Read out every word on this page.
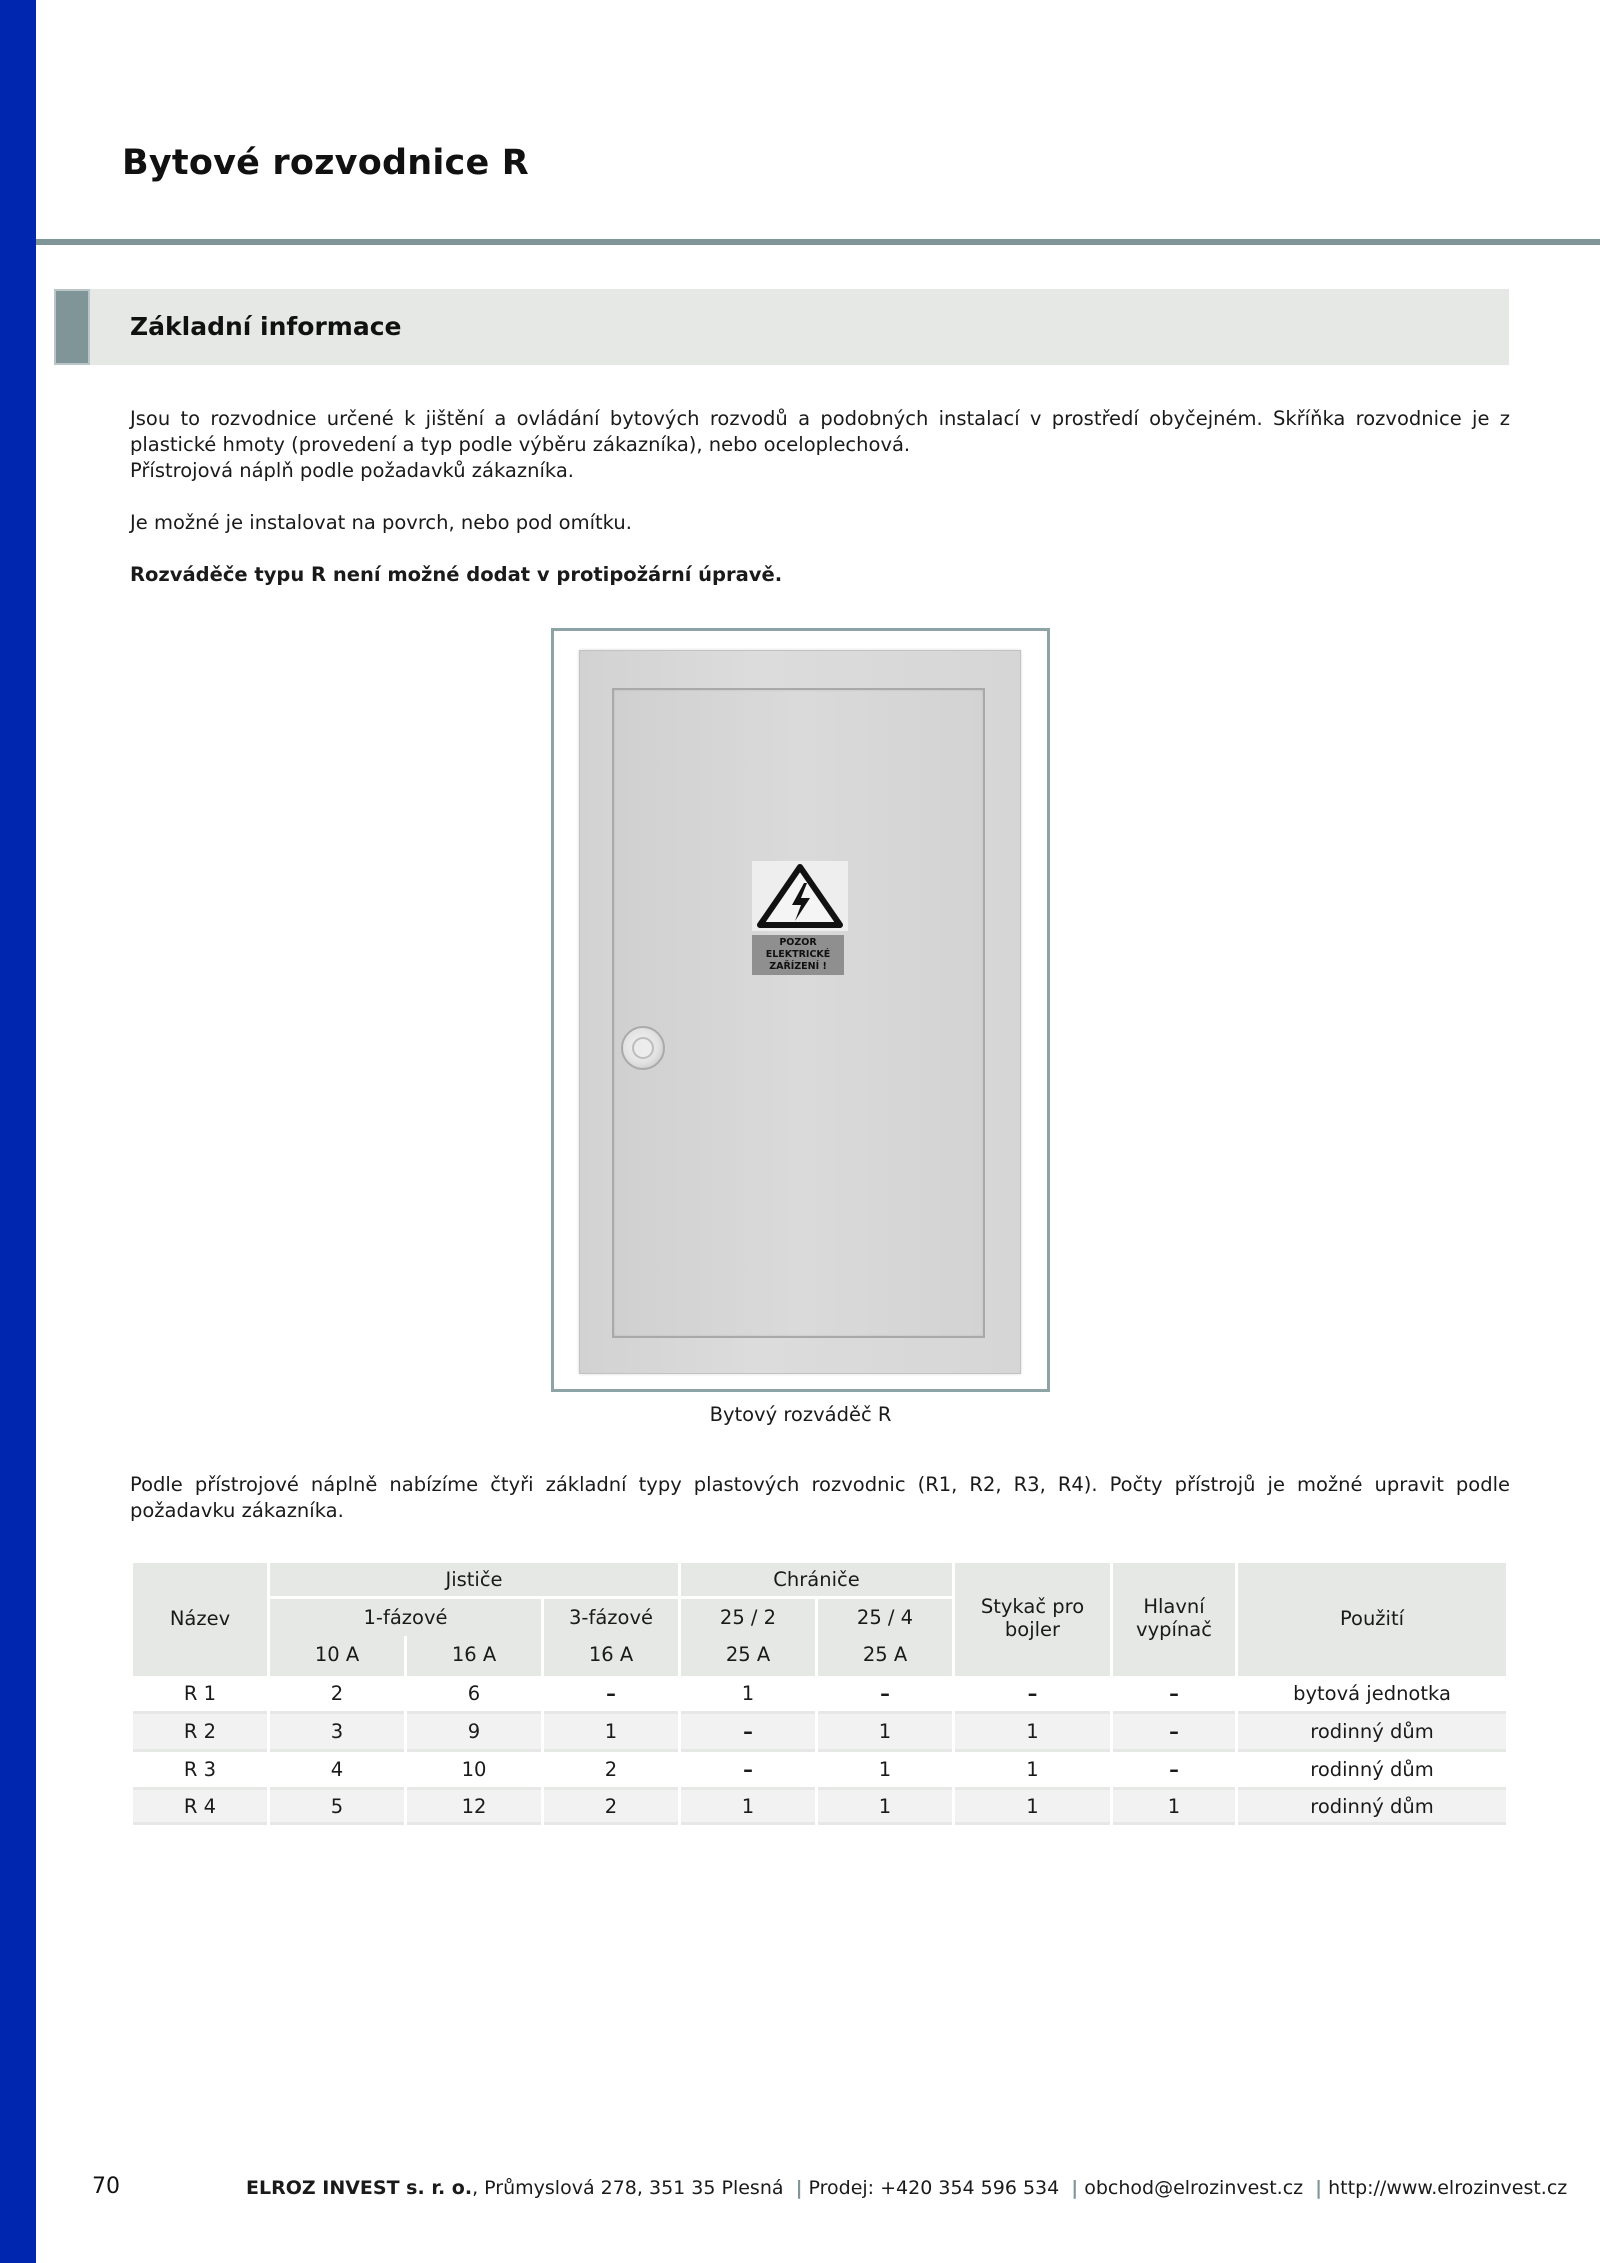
Bytové rozvodnice R
Základní informace
Jsou to rozvodnice určené k jištění a ovládání bytových rozvodů a podobných instalací v prostředí obyčejném. Skříňka rozvodnice je z plastické hmoty (provedení a typ podle výběru zákazníka), nebo oceloplechová.
Přístrojová náplň podle požadavků zákazníka.
Je možné je instalovat na povrch, nebo pod omítku.
Rozváděče typu R není možné dodat v protipožární úpravě.
POZOR
ELEKTRICKÉ
ZAŘÍZENÍ !
Bytový rozváděč R
Podle přístrojové náplně nabízíme čtyři základní typy plastových rozvodnic (R1, R2, R3, R4). Počty přístrojů je možné upravit podle požadavku zákazníka.
Název	Jističe			Chrániče		Stykač pro bojler	Hlavní vypínač	Použití
	1-fázové		3-fázové	25 / 2	25 / 4			
	10 A	16 A	16 A	25 A	25 A			
R 1	2	6	–	1	–	–	–	bytová jednotka
R 2	3	9	1	–	1	1	–	rodinný dům
R 3	4	10	2	–	1	1	–	rodinný dům
R 4	5	12	2	1	1	1	1	rodinný dům
70	ELROZ INVEST s. r. o., Průmyslová 278, 351 35 Plesná | Prodej: +420 354 596 534 | obchod@elrozinvest.cz | http://www.elrozinvest.cz
